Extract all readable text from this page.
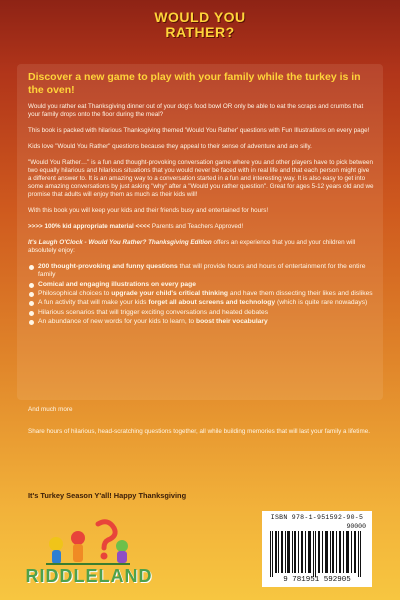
WOULD YOU
RATHER?
Discover a new game to play with your family while the turkey is in the oven!

Would you rather eat Thanksgiving dinner out of your dog's food bowl OR only be able to eat the scraps and crumbs that your family drops onto the floor during the meal?

This book is packed with hilarious Thanksgiving themed 'Would You Rather' questions with Fun Illustrations on every page!

Kids love "Would You Rather" questions because they appeal to their sense of adventure and are silly.

"Would You Rather…" is a fun and thought-provoking conversation game where you and other players have to pick between two equally hilarious and hilarious situations that you would never be faced with in real life and that each person might give a different answer to. It is an amazing way to a conversation started in a fun and interesting way. It is also easy to get into some amazing conversations by just asking "why" after a "Would you rather question". Great for ages 5-12 years old and we promise that adults will enjoy them as much as their kids will!

With this book you will keep your kids and their friends busy and entertained for hours!

>>>> 100% kid appropriate material <<<< Parents and Teachers Approved!

It's Laugh O'Clock - Would You Rather? Thanksgiving Edition offers an experience that you and your children will absolutely enjoy:

200 thought-provoking and funny questions that will provide hours and hours of entertainment for the entire family
Comical and engaging illustrations on every page
Philosophical choices to upgrade your child's critical thinking and have them dissecting their likes and dislikes
A fun activity that will make your kids forget all about screens and technology (which is quite rare nowadays)
Hilarious scenarios that will trigger exciting conversations and heated debates
An abundance of new words for your kids to learn, to boost their vocabulary

And much more

Share hours of hilarious, head-scratching questions together, all while building memories that will last your family a lifetime.

It's Turkey Season Y'all! Happy Thanksgiving
RIDDLELAND
ISBN 978-1-951592-90-5
90000
9 781951 592905
